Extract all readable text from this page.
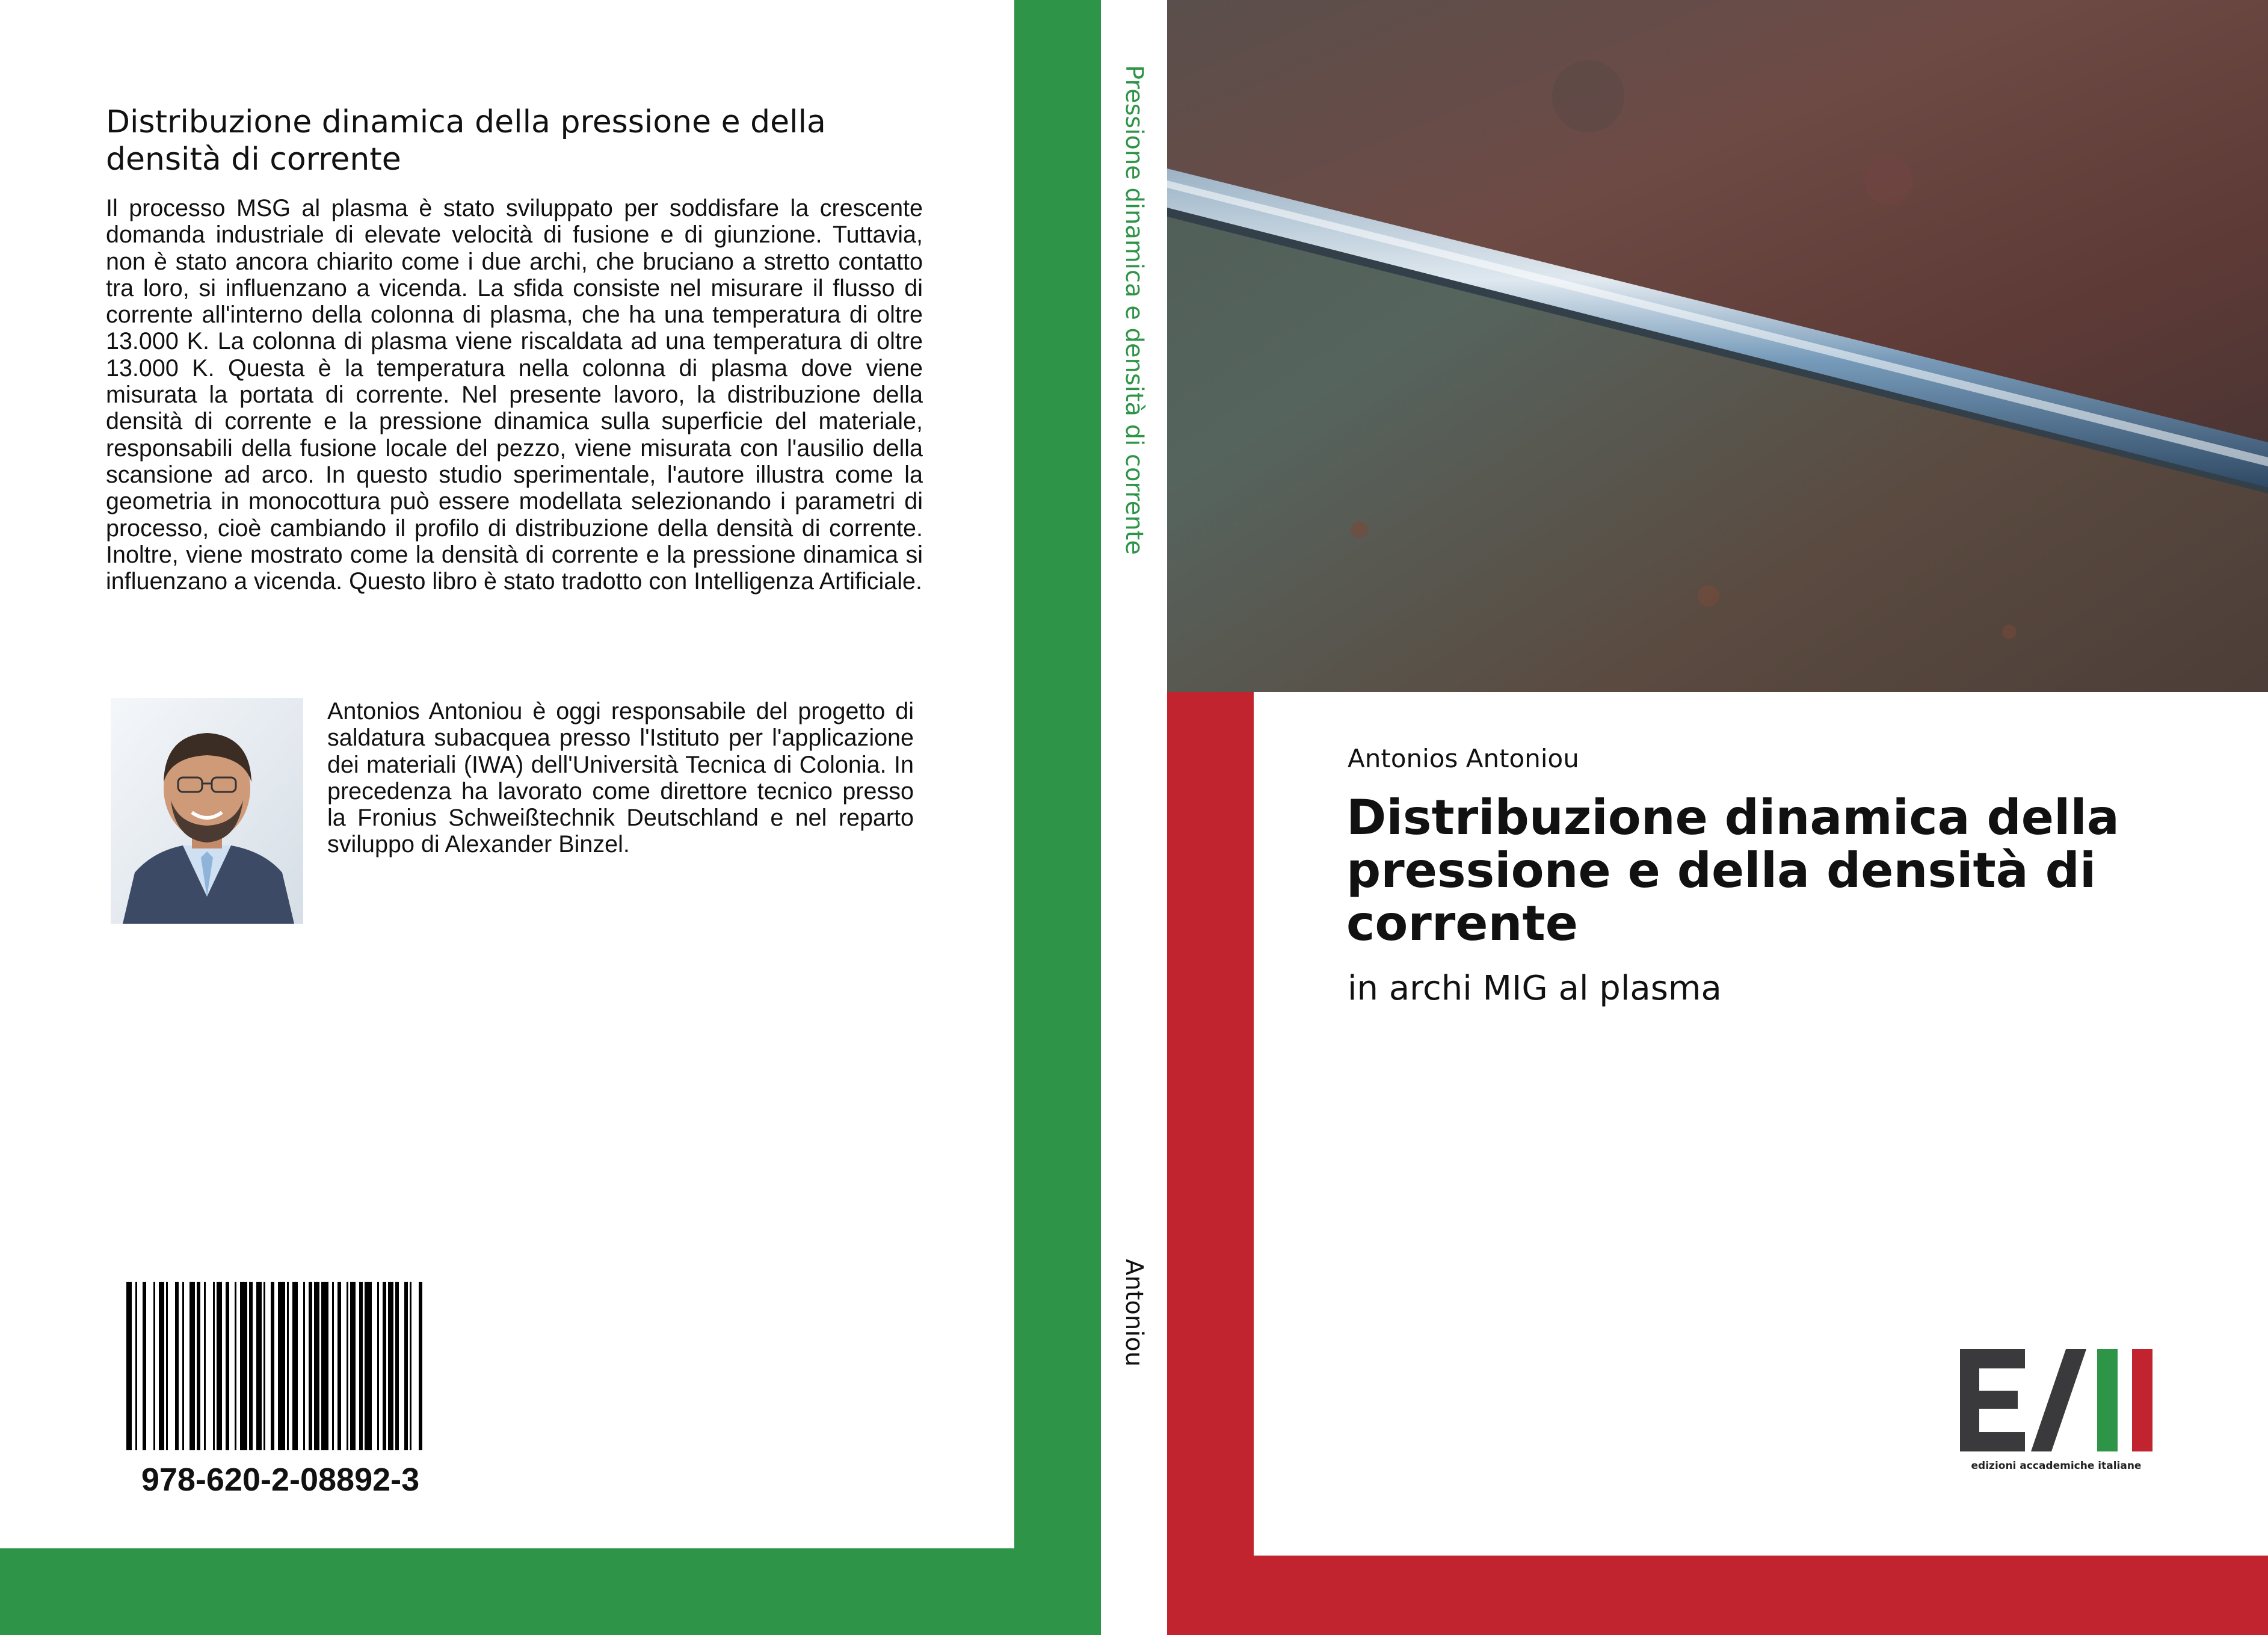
Distribuzione dinamica della pressione e della densità di corrente
Il processo MSG al plasma è stato sviluppato per soddisfare la crescente domanda industriale di elevate velocità di fusione e di giunzione. Tuttavia, non è stato ancora chiarito come i due archi, che bruciano a stretto contatto tra loro, si influenzano a vicenda. La sfida consiste nel misurare il flusso di corrente all'interno della colonna di plasma, che ha una temperatura di oltre 13.000 K. La colonna di plasma viene riscaldata ad una temperatura di oltre 13.000 K. Questa è la temperatura nella colonna di plasma dove viene misurata la portata di corrente. Nel presente lavoro, la distribuzione della densità di corrente e la pressione dinamica sulla superficie del materiale, responsabili della fusione locale del pezzo, viene misurata con l'ausilio della scansione ad arco. In questo studio sperimentale, l'autore illustra come la geometria in monocottura può essere modellata selezionando i parametri di processo, cioè cambiando il profilo di distribuzione della densità di corrente. Inoltre, viene mostrato come la densità di corrente e la pressione dinamica si influenzano a vicenda. Questo libro è stato tradotto con Intelligenza Artificiale.
Antonios Antoniou è oggi responsabile del progetto di saldatura subacquea presso l'Istituto per l'applicazione dei materiali (IWA) dell'Università Tecnica di Colonia. In precedenza ha lavorato come direttore tecnico presso la Fronius Schweißtechnik Deutschland e nel reparto sviluppo di Alexander Binzel.
978-620-2-08892-3
Pressione dinamica e densità di corrente
Antoniou
Antonios Antoniou
Distribuzione dinamica della pressione e della densità di corrente
in archi MIG al plasma
edizioni accademiche italiane
